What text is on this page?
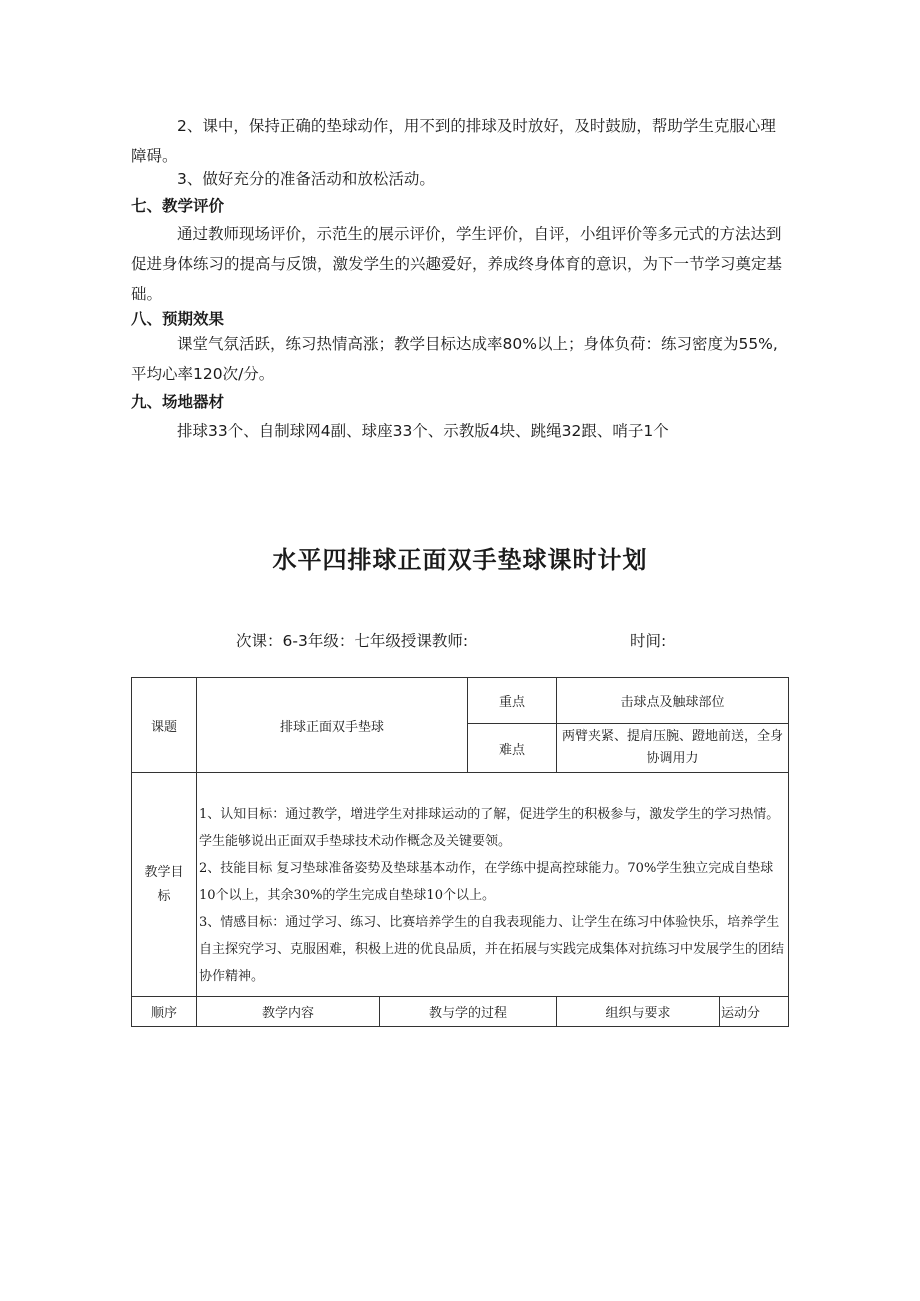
2、课中，保持正确的垫球动作，用不到的排球及时放好，及时鼓励，帮助学生克服心理障碍。

3、做好充分的准备活动和放松活动。

七、教学评价

通过教师现场评价，示范生的展示评价，学生评价，自评，小组评价等多元式的方法达到促进身体练习的提高与反馈，激发学生的兴趣爱好，养成终身体育的意识，为下一节学习奠定基础。

八、预期效果

课堂气氛活跃，练习热情高涨；教学目标达成率80%以上；身体负荷：练习密度为55%,平均心率120次/分。

九、场地器材

排球33个、自制球网4副、球座33个、示教版4块、跳绳32跟、哨子1个

水平四排球正面双手垫球课时计划

次课：6-3年级：七年级授课教师:	时间:

课题	排球正面双手垫球		重点	击球点及触球部位	
			难点	两臂夹紧、提肩压腕、蹬地前送，全身协调用力	
教学目标	1、认知目标：通过教学，增进学生对排球运动的了解，促进学生的积极参与，激发学生的学习热情。学生能够说出正面双手垫球技术动作概念及关键要领。

2、技能目标 复习垫球准备姿势及垫球基本动作，在学练中提高控球能力。70%学生独立完成自垫球10个以上，其余30%的学生完成自垫球10个以上。

3、情感目标：通过学习、练习、比赛培养学生的自我表现能力、让学生在练习中体验快乐，培养学生自主探究学习、克服困难，积极上进的优良品质，并在拓展与实践完成集体对抗练习中发展学生的团结协作精神。				

顺序	教学内容	教与学的过程		组织与要求	运动分
